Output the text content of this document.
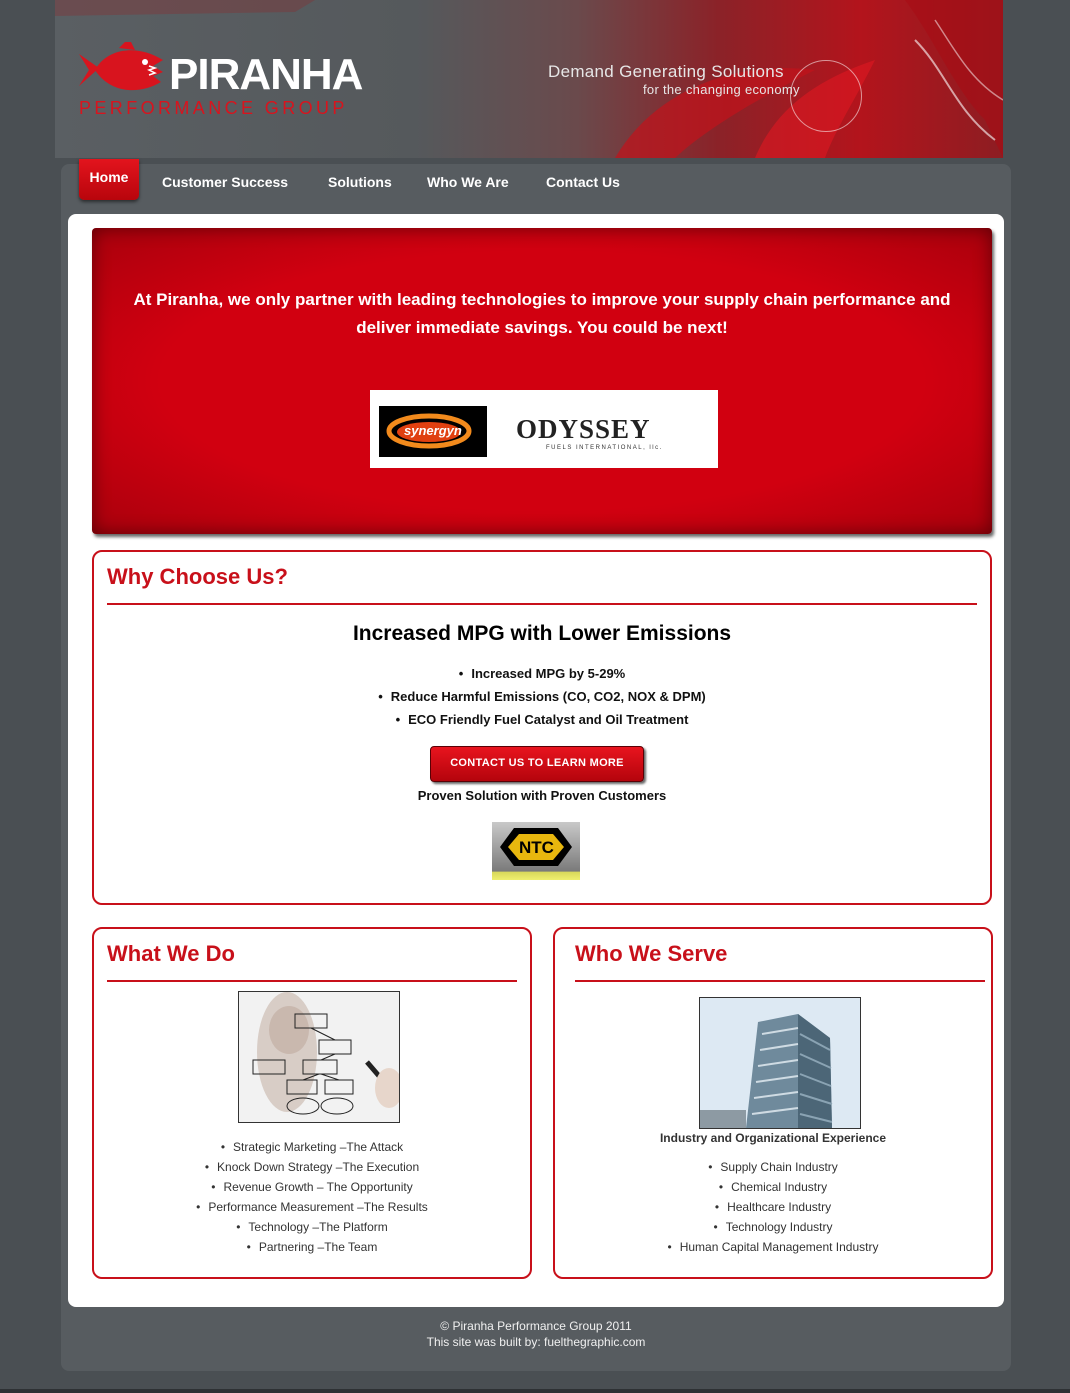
PIRANHA
PERFORMANCE GROUP
Demand Generating Solutions
for the changing economy
Home	Customer Success	Solutions	Who We Are	Contact Us
At Piranha, we only partner with leading technologies to improve your supply chain performance and deliver immediate savings. You could be next!
synergyn ODYSSEY
FUELS INTERNATIONAL, llc.
Why Choose Us?
Increased MPG with Lower Emissions
• Increased MPG by 5-29%
• Reduce Harmful Emissions (CO, CO2, NOX & DPM)
• ECO Friendly Fuel Catalyst and Oil Treatment
CONTACT US TO LEARN MORE
Proven Solution with Proven Customers
NTC
What We Do
• Strategic Marketing –The Attack
• Knock Down Strategy –The Execution
• Revenue Growth – The Opportunity
• Performance Measurement –The Results
• Technology –The Platform
• Partnering –The Team
Who We Serve
Industry and Organizational Experience
• Supply Chain Industry
• Chemical Industry
• Healthcare Industry
• Technology Industry
• Human Capital Management Industry
© Piranha Performance Group 2011
This site was built by: fuelthegraphic.com
